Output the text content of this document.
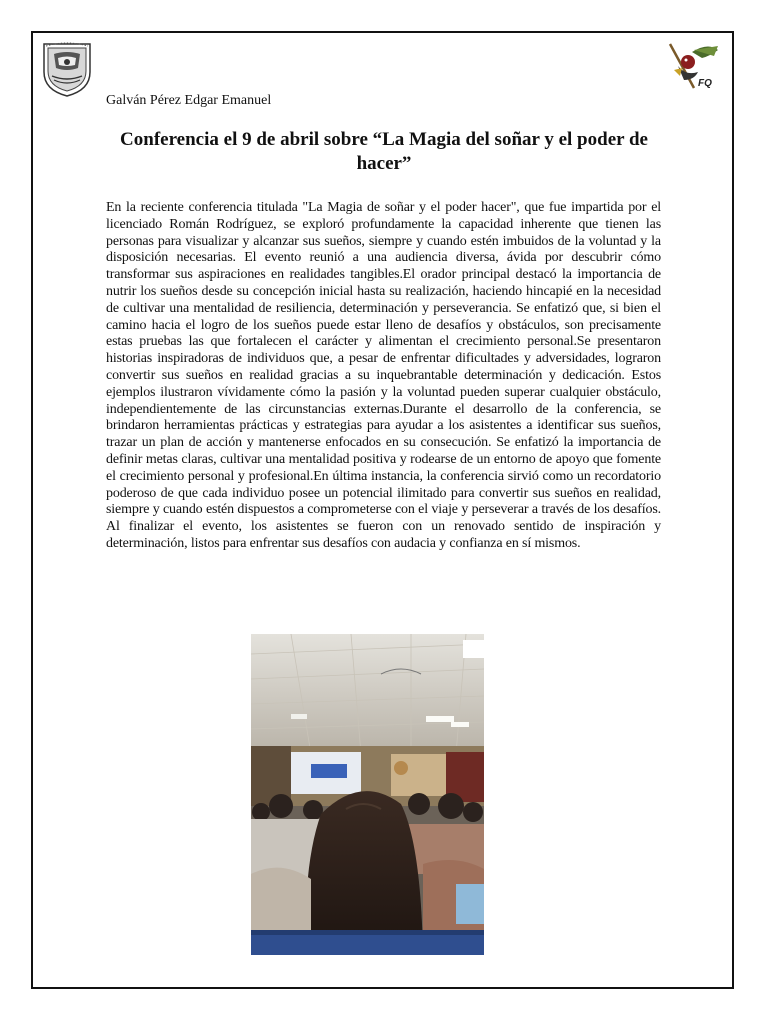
FQ

Galván Pérez Edgar Emanuel

Conferencia el 9 de abril sobre “La Magia del soñar y el poder de hacer”

En la reciente conferencia titulada "La Magia de soñar y el poder hacer", que fue impartida por el licenciado Román Rodríguez, se exploró profundamente la capacidad inherente que tienen las personas para visualizar y alcanzar sus sueños, siempre y cuando estén imbuidos de la voluntad y la disposición necesarias. El evento reunió a una audiencia diversa, ávida por descubrir cómo transformar sus aspiraciones en realidades tangibles.El orador principal destacó la importancia de nutrir los sueños desde su concepción inicial hasta su realización, haciendo hincapié en la necesidad de cultivar una mentalidad de resiliencia, determinación y perseverancia. Se enfatizó que, si bien el camino hacia el logro de los sueños puede estar lleno de desafíos y obstáculos, son precisamente estas pruebas las que fortalecen el carácter y alimentan el crecimiento personal.Se presentaron historias inspiradoras de individuos que, a pesar de enfrentar dificultades y adversidades, lograron convertir sus sueños en realidad gracias a su inquebrantable determinación y dedicación. Estos ejemplos ilustraron vívidamente cómo la pasión y la voluntad pueden superar cualquier obstáculo, independientemente de las circunstancias externas.Durante el desarrollo de la conferencia, se brindaron herramientas prácticas y estrategias para ayudar a los asistentes a identificar sus sueños, trazar un plan de acción y mantenerse enfocados en su consecución. Se enfatizó la importancia de definir metas claras, cultivar una mentalidad positiva y rodearse de un entorno de apoyo que fomente el crecimiento personal y profesional.En última instancia, la conferencia sirvió como un recordatorio poderoso de que cada individuo posee un potencial ilimitado para convertir sus sueños en realidad, siempre y cuando estén dispuestos a comprometerse con el viaje y perseverar a través de los desafíos. Al finalizar el evento, los asistentes se fueron con un renovado sentido de inspiración y determinación, listos para enfrentar sus desafíos con audacia y confianza en sí mismos.
